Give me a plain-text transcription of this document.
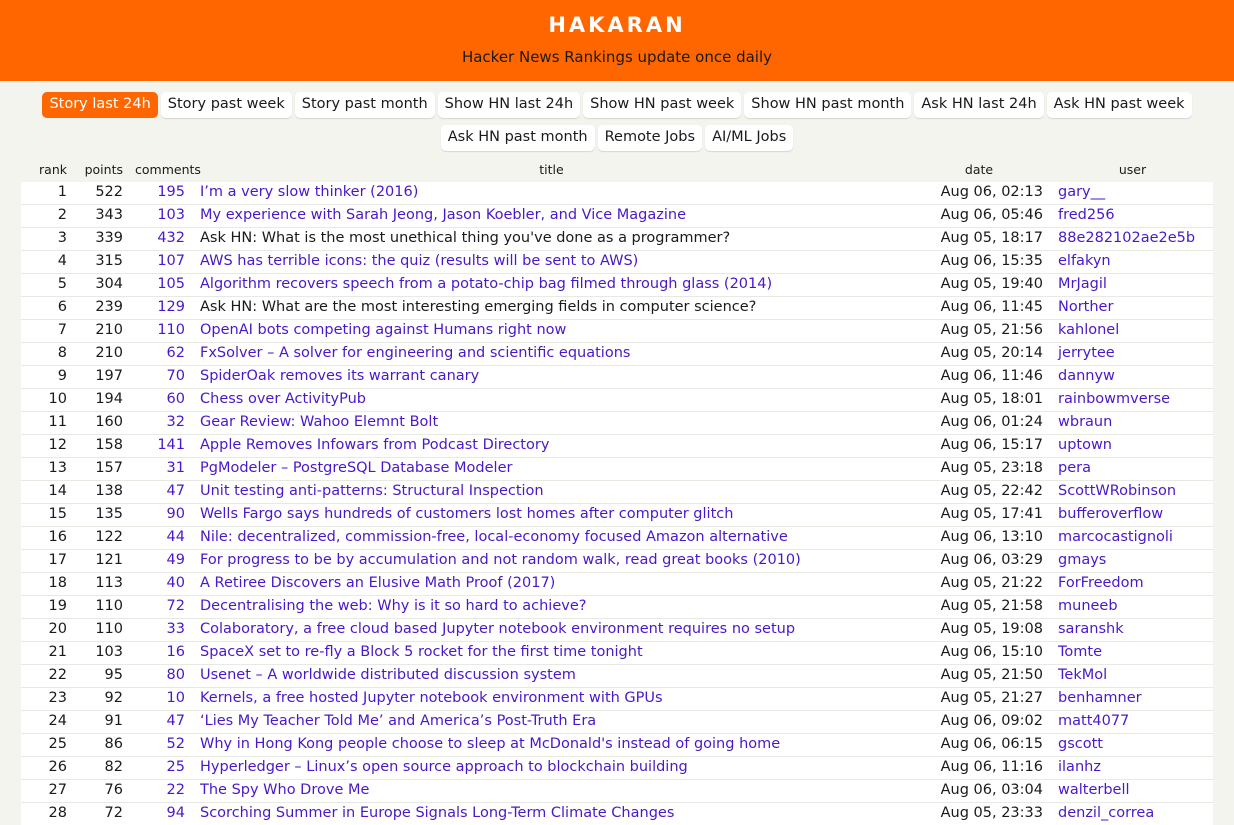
HAKARAN
Hacker News Rankings update once daily
Story last 24h	Story past week	Story past month	Show HN last 24h	Show HN past week	Show HN past month	Ask HN last 24h	Ask HN past week
Ask HN past month	Remote Jobs	AI/ML Jobs
rank	points	comments	title	date	user
1	522	195	I’m a very slow thinker (2016)	Aug 06, 02:13	gary__
2	343	103	My experience with Sarah Jeong, Jason Koebler, and Vice Magazine	Aug 06, 05:46	fred256
3	339	432	Ask HN: What is the most unethical thing you've done as a programmer?	Aug 05, 18:17	88e282102ae2e5b
4	315	107	AWS has terrible icons: the quiz (results will be sent to AWS)	Aug 06, 15:35	elfakyn
5	304	105	Algorithm recovers speech from a potato-chip bag filmed through glass (2014)	Aug 05, 19:40	MrJagil
6	239	129	Ask HN: What are the most interesting emerging fields in computer science?	Aug 06, 11:45	Norther
7	210	110	OpenAI bots competing against Humans right now	Aug 05, 21:56	kahlonel
8	210	62	FxSolver – A solver for engineering and scientific equations	Aug 05, 20:14	jerrytee
9	197	70	SpiderOak removes its warrant canary	Aug 06, 11:46	dannyw
10	194	60	Chess over ActivityPub	Aug 05, 18:01	rainbowmverse
11	160	32	Gear Review: Wahoo Elemnt Bolt	Aug 06, 01:24	wbraun
12	158	141	Apple Removes Infowars from Podcast Directory	Aug 06, 15:17	uptown
13	157	31	PgModeler – PostgreSQL Database Modeler	Aug 05, 23:18	pera
14	138	47	Unit testing anti-patterns: Structural Inspection	Aug 05, 22:42	ScottWRobinson
15	135	90	Wells Fargo says hundreds of customers lost homes after computer glitch	Aug 05, 17:41	bufferoverflow
16	122	44	Nile: decentralized, commission-free, local-economy focused Amazon alternative	Aug 06, 13:10	marcocastignoli
17	121	49	For progress to be by accumulation and not random walk, read great books (2010)	Aug 06, 03:29	gmays
18	113	40	A Retiree Discovers an Elusive Math Proof (2017)	Aug 05, 21:22	ForFreedom
19	110	72	Decentralising the web: Why is it so hard to achieve?	Aug 05, 21:58	muneeb
20	110	33	Colaboratory, a free cloud based Jupyter notebook environment requires no setup	Aug 05, 19:08	saranshk
21	103	16	SpaceX set to re-fly a Block 5 rocket for the first time tonight	Aug 06, 15:10	Tomte
22	95	80	Usenet – A worldwide distributed discussion system	Aug 05, 21:50	TekMol
23	92	10	Kernels, a free hosted Jupyter notebook environment with GPUs	Aug 05, 21:27	benhamner
24	91	47	‘Lies My Teacher Told Me’ and America’s Post-Truth Era	Aug 06, 09:02	matt4077
25	86	52	Why in Hong Kong people choose to sleep at McDonald's instead of going home	Aug 06, 06:15	gscott
26	82	25	Hyperledger – Linux’s open source approach to blockchain building	Aug 06, 11:16	ilanhz
27	76	22	The Spy Who Drove Me	Aug 06, 03:04	walterbell
28	72	94	Scorching Summer in Europe Signals Long-Term Climate Changes	Aug 05, 23:33	denzil_correa
